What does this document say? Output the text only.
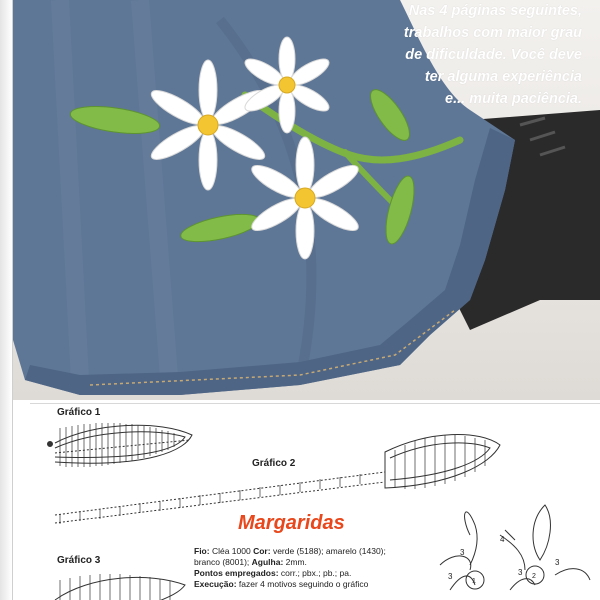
Nas 4 páginas seguintes,
trabalhos com maior grau
de dificuldade. Você deve
ter alguma experiência
e... muita paciência.
Gráfico 1
Gráfico 2
Gráfico 3
Margaridas

Fio: Cléa 1000 Cor: verde (5188); amarelo (1430); branco (8001); Agulha: 2mm.

Pontos empregados: corr.; pbx.; pb.; pa.

Execução: fazer 4 motivos seguindo o gráfico

4
3
3	3
3
1
2
